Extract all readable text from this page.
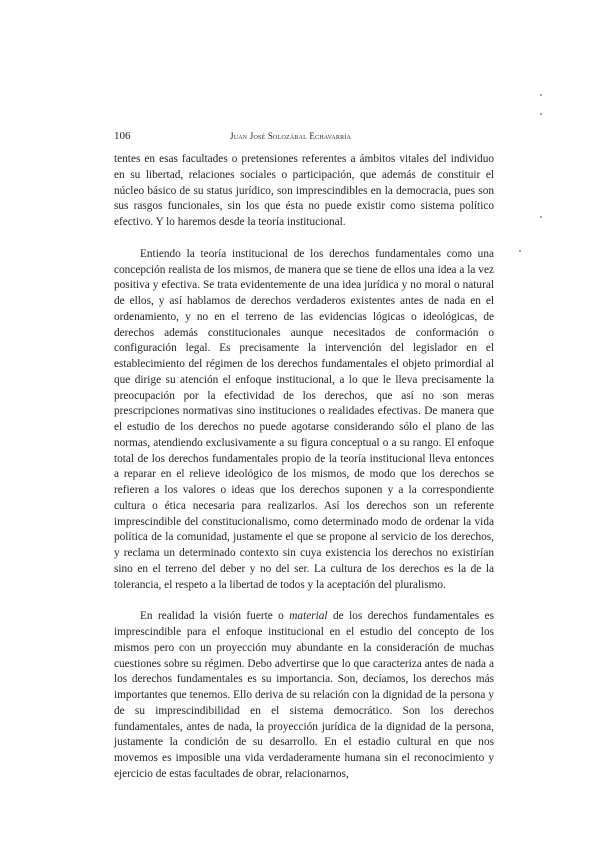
106	Juan José Solozábal Echavarría

tentes en esas facultades o pretensiones referentes a ámbitos vitales del individuo en su libertad, relaciones sociales o participación, que además de constituir el núcleo básico de su status jurídico, son imprescindibles en la democracia, pues son sus rasgos funcionales, sin los que ésta no puede existir como sistema político efectivo. Y lo haremos desde la teoría institucional.

Entiendo la teoría institucional de los derechos fundamentales como una concepción realista de los mismos, de manera que se tiene de ellos una idea a la vez positiva y efectiva. Se trata evidentemente de una idea jurídica y no moral o natural de ellos, y así hablamos de derechos verdaderos existentes antes de nada en el ordenamiento, y no en el terreno de las evidencias lógicas o ideológicas, de derechos además constitucionales aunque necesitados de conformación o configuración legal. Es precisamente la intervención del legislador en el establecimiento del régimen de los derechos fundamentales el objeto primordial al que dirige su atención el enfoque institucional, a lo que le lleva precisamente la preocupación por la efectividad de los derechos, que así no son meras prescripciones normativas sino instituciones o realidades efectivas. De manera que el estudio de los derechos no puede agotarse considerando sólo el plano de las normas, atendiendo exclusivamente a su figura conceptual o a su rango. El enfoque total de los derechos fundamentales propio de la teoría institucional lleva entonces a reparar en el relieve ideológico de los mismos, de modo que los derechos se refieren a los valores o ideas que los derechos suponen y a la correspondiente cultura o ética necesaria para realizarlos. Así los derechos son un referente imprescindible del constitucionalismo, como determinado modo de ordenar la vida política de la comunidad, justamente el que se propone al servicio de los derechos, y reclama un determinado contexto sin cuya existencia los derechos no existirían sino en el terreno del deber y no del ser. La cultura de los derechos es la de la tolerancia, el respeto a la libertad de todos y la aceptación del pluralismo.

En realidad la visión fuerte o material de los derechos fundamentales es imprescindible para el enfoque institucional en el estudio del concepto de los mismos pero con un proyección muy abundante en la consideración de muchas cuestiones sobre su régimen. Debo advertirse que lo que caracteriza antes de nada a los derechos fundamentales es su importancia. Son, decíamos, los derechos más importantes que tenemos. Ello deriva de su relación con la dignidad de la persona y de su imprescindibilidad en el sistema democrático. Son los derechos fundamentales, antes de nada, la proyección jurídica de la dignidad de la persona, justamente la condición de su desarrollo. En el estadio cultural en que nos movemos es imposible una vida verdaderamente humana sin el reconocimiento y ejercicio de estas facultades de obrar, relacionarnos,
